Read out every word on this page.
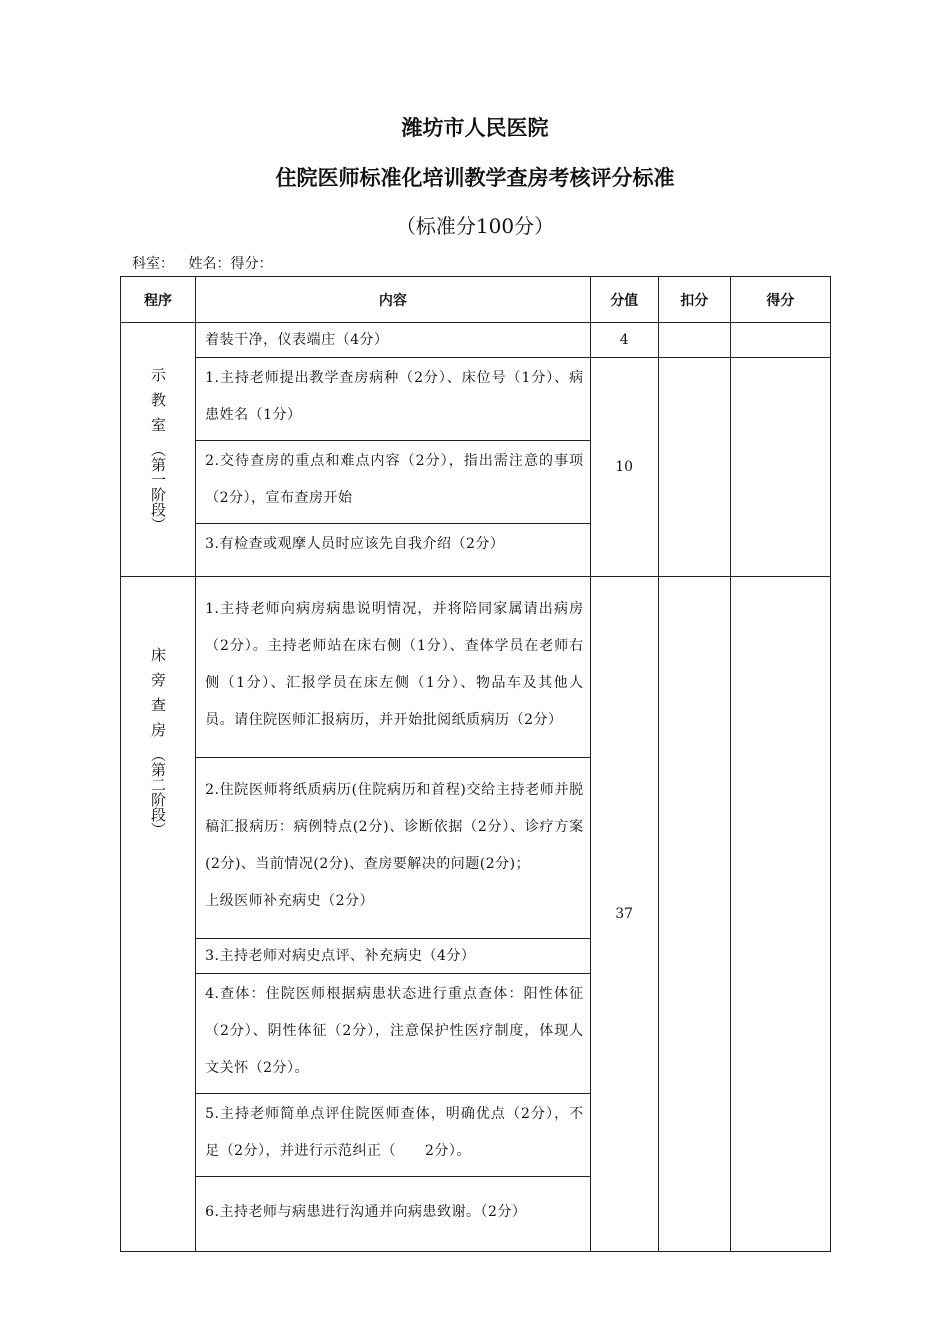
潍坊市人民医院
住院医师标准化培训教学查房考核评分标准
（标准分100分）
科室： 姓名：得分：
程序	内容	分值	扣分	得分

示教室
（第一阶段）	着装干净，仪表端庄（4分）	4		
	1.主持老师提出教学查房病种（2分）、床位号（1分）、病患姓名（1分）	10		
	2.交待查房的重点和难点内容（2分），指出需注意的事项（2分），宣布查房开始			
	3.有检查或观摩人员时应该先自我介绍（2分）			

床旁查房
（第二阶段）	1.主持老师向病房病患说明情况，并将陪同家属请出病房（2分）。主持老师站在床右侧（1分）、查体学员在老师右侧（1分）、汇报学员在床左侧（1分）、物品车及其他人员。请住院医师汇报病历，并开始批阅纸质病历（2分）	37		

	2.住院医师将纸质病历(住院病历和首程)交给主持老师并脱稿汇报病历：病例特点(2分)、诊断依据（2分）、诊疗方案(2分)、当前情况(2分)、查房要解决的问题(2分)；
上级医师补充病史（2分）			

	3.主持老师对病史点评、补充病史（4分）			
	4.查体：住院医师根据病患状态进行重点查体：阳性体征（2分）、阴性体征（2分），注意保护性医疗制度，体现人文关怀（2分）。			
	5.主持老师简单点评住院医师查体，明确优点（2分），不足（2分），并进行示范纠正（　　2分）。			
	6.主持老师与病患进行沟通并向病患致谢。（2分）			
